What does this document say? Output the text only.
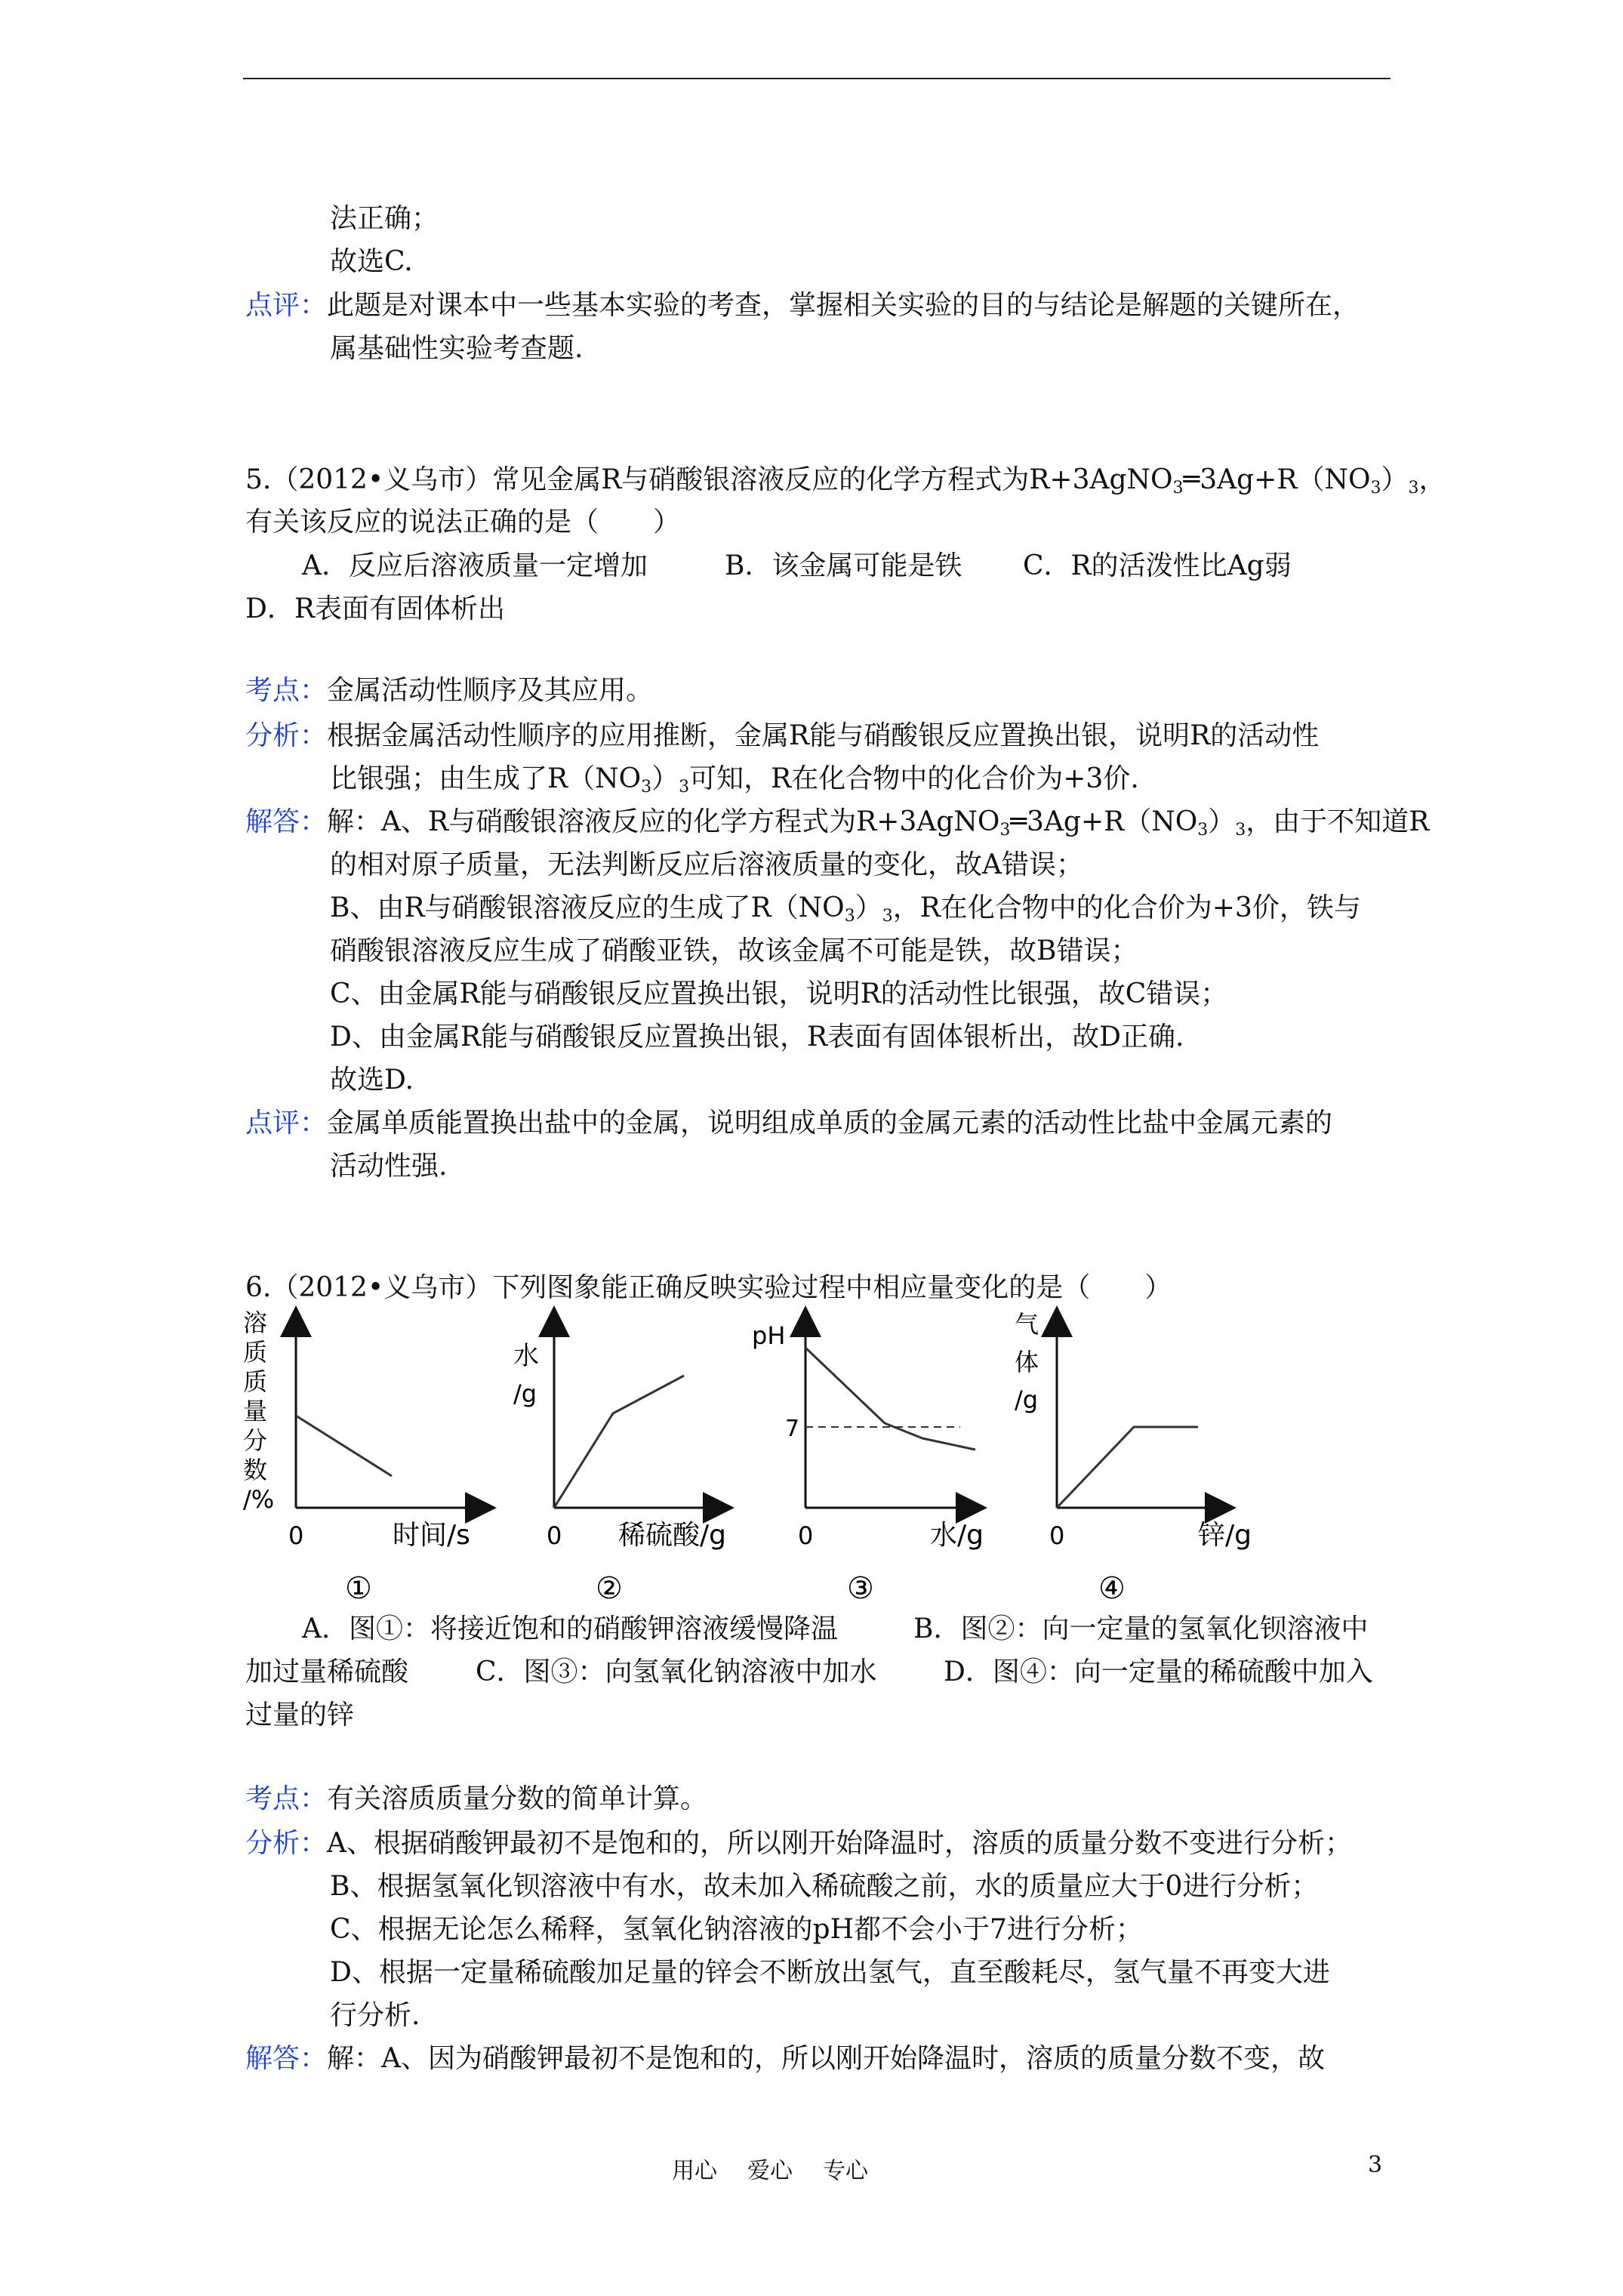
法正确；
故选C.
点评：此题是对课本中一些基本实验的考查，掌握相关实验的目的与结论是解题的关键所在，
属基础性实验考查题.
5.（2012•义乌市）常见金属R与硝酸银溶液反应的化学方程式为$R+3AgNO_3═3Ag+R(NO_3)_3$，
有关该反应的说法正确的是（　　）
A．反应后溶液质量一定增加	B．该金属可能是铁 C．R的活泼性比Ag弱
D．R表面有固体析出
考点：金属活动性顺序及其应用。
分析：根据金属活动性顺序的应用推断，金属R能与硝酸银反应置换出银，说明R的活动性
比银强；由生成了$R(NO_3)_3$可知，R在化合物中的化合价为+3价.
解答：解：A、R与硝酸银溶液反应的化学方程式为$R+3AgNO_3═3Ag+R(NO_3)_3$，由于不知道R
的相对原子质量，无法判断反应后溶液质量的变化，故A错误；
B、由R与硝酸银溶液反应的生成了$R(NO_3)_3$，R在化合物中的化合价为+3价，铁与
硝酸银溶液反应生成了硝酸亚铁，故该金属不可能是铁，故B错误；
C、由金属R能与硝酸银反应置换出银，说明R的活动性比银强，故C错误；
D、由金属R能与硝酸银反应置换出银，R表面有固体银析出，故D正确.
故选D.
点评：金属单质能置换出盐中的金属，说明组成单质的金属元素的活动性比盐中金属元素的
活动性强.
6.（2012•义乌市）下列图象能正确反映实验过程中相应量变化的是（　　）
溶
质
质
量
分
数
/%
0	时间/s
水
/g
0 稀硫酸/g
pH
7
0	水/g
气
体
/g
0	锌/g
①	②	③	④
A．图①：将接近饱和的硝酸钾溶液缓慢降温	B．图②：向一定量的氢氧化钡溶液中
加过量稀硫酸 C．图③：向氢氧化钠溶液中加水 D．图④：向一定量的稀硫酸中加入
过量的锌
考点：有关溶质质量分数的简单计算。
分析：A、根据硝酸钾最初不是饱和的，所以刚开始降温时，溶质的质量分数不变进行分析；
B、根据氢氧化钡溶液中有水，故未加入稀硫酸之前，水的质量应大于0进行分析；
C、根据无论怎么稀释，氢氧化钠溶液的pH都不会小于7进行分析；
D、根据一定量稀硫酸加足量的锌会不断放出氢气，直至酸耗尽，氢气量不再变大进
行分析.
解答：解：A、因为硝酸钾最初不是饱和的，所以刚开始降温时，溶质的质量分数不变，故
用心 爱心 专心	3
